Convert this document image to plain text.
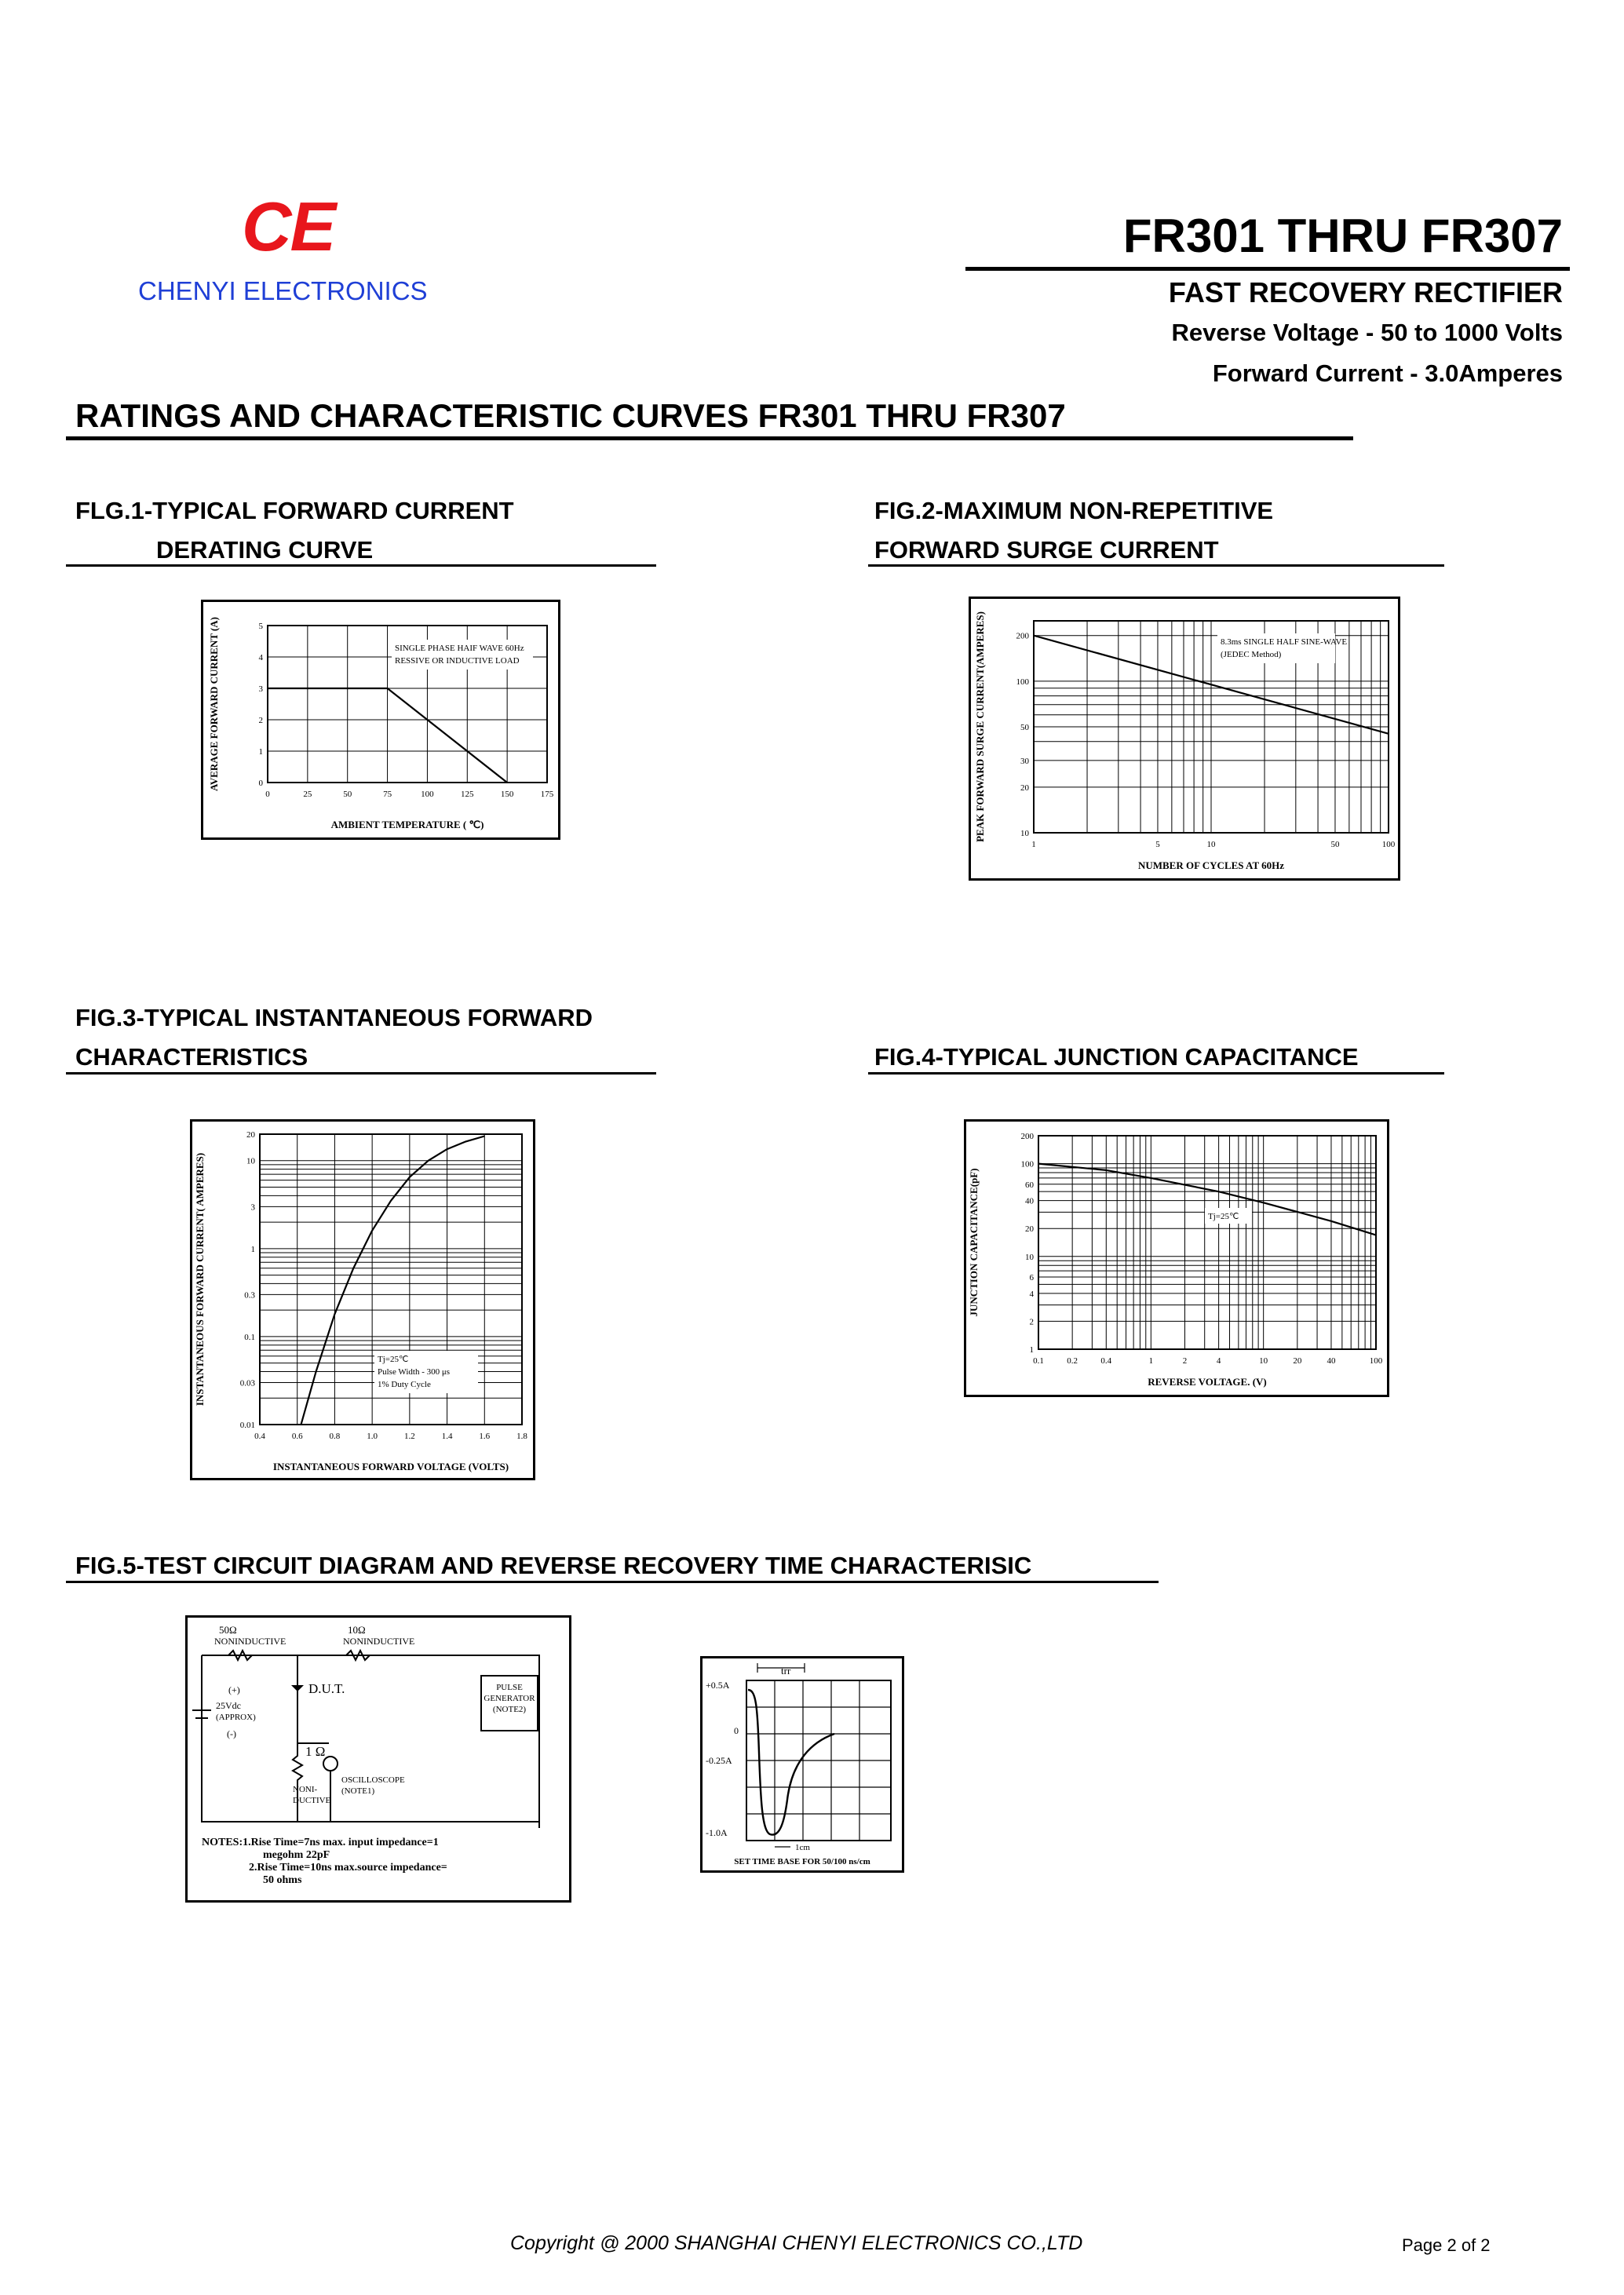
CE
CHENYI ELECTRONICS
FR301 THRU FR307
FAST RECOVERY RECTIFIER
Reverse Voltage - 50 to 1000 Volts
Forward Current - 3.0Amperes
RATINGS AND CHARACTERISTIC CURVES FR301 THRU FR307
FLG.1-TYPICAL FORWARD CURRENT
DERATING CURVE
FIG.2-MAXIMUM NON-REPETITIVE
FORWARD SURGE CURRENT
FIG.3-TYPICAL INSTANTANEOUS FORWARD
CHARACTERISTICS	FIG.4-TYPICAL JUNCTION CAPACITANCE
FIG.5-TEST CIRCUIT DIAGRAM AND REVERSE RECOVERY TIME CHARACTERISIC
0	25	50	75	100	125	150	175
0
1
2
3
4
5
AMBIENT TEMPERATURE ( ℃)
AVERAGE FORWARD CURRENT (A)	SINGLE PHASE HAIF WAVE 60Hz
RESSIVE OR INDUCTIVE LOAD
1	5	10	50	100
10
20
30
50
100
200
NUMBER OF CYCLES AT 60Hz
PEAK FORWARD SURGE CURRENT(AMPERES)	8.3ms SINGLE HALF SINE-WAVE
(JEDEC Method)
0.4	0.6	0.8	1.0	1.2	1.4	1.6	1.8
0.01
0.03
0.1
0.3
1
3
10
20
INSTANTANEOUS FORWARD VOLTAGE (VOLTS)
INSTANTANEOUS FORWARD CURRENT( AMPERES)	Tj=25℃
Pulse Width - 300 μs
1% Duty Cycle
0.1	0.2	0.4	1	2	4	10	20	40	100
1
2
4
6
10
20
40
60
100
200
REVERSE VOLTAGE. (V)
JUNCTION CAPACITANCE(pF)	Tj=25℃
50Ω
NONINDUCTIVE
10Ω
NONINDUCTIVE
D.U.T.
(+)
25Vdc
(APPROX)
(-)
PULSE
GENERATOR
(NOTE2)
1 Ω
NONI-
DUCTIVE
OSCILLOSCOPE
(NOTE1)
NOTES:1.Rise Time=7ns max. input impedance=1
megohm 22pF
2.Rise Time=10ns max.source impedance=
50 ohms
trr
+0.5A
0
-0.25A
-1.0A
1cm
SET TIME BASE FOR 50/100 ns/cm
Copyright @ 2000 SHANGHAI CHENYI ELECTRONICS CO.,LTD	Page 2 of 2
